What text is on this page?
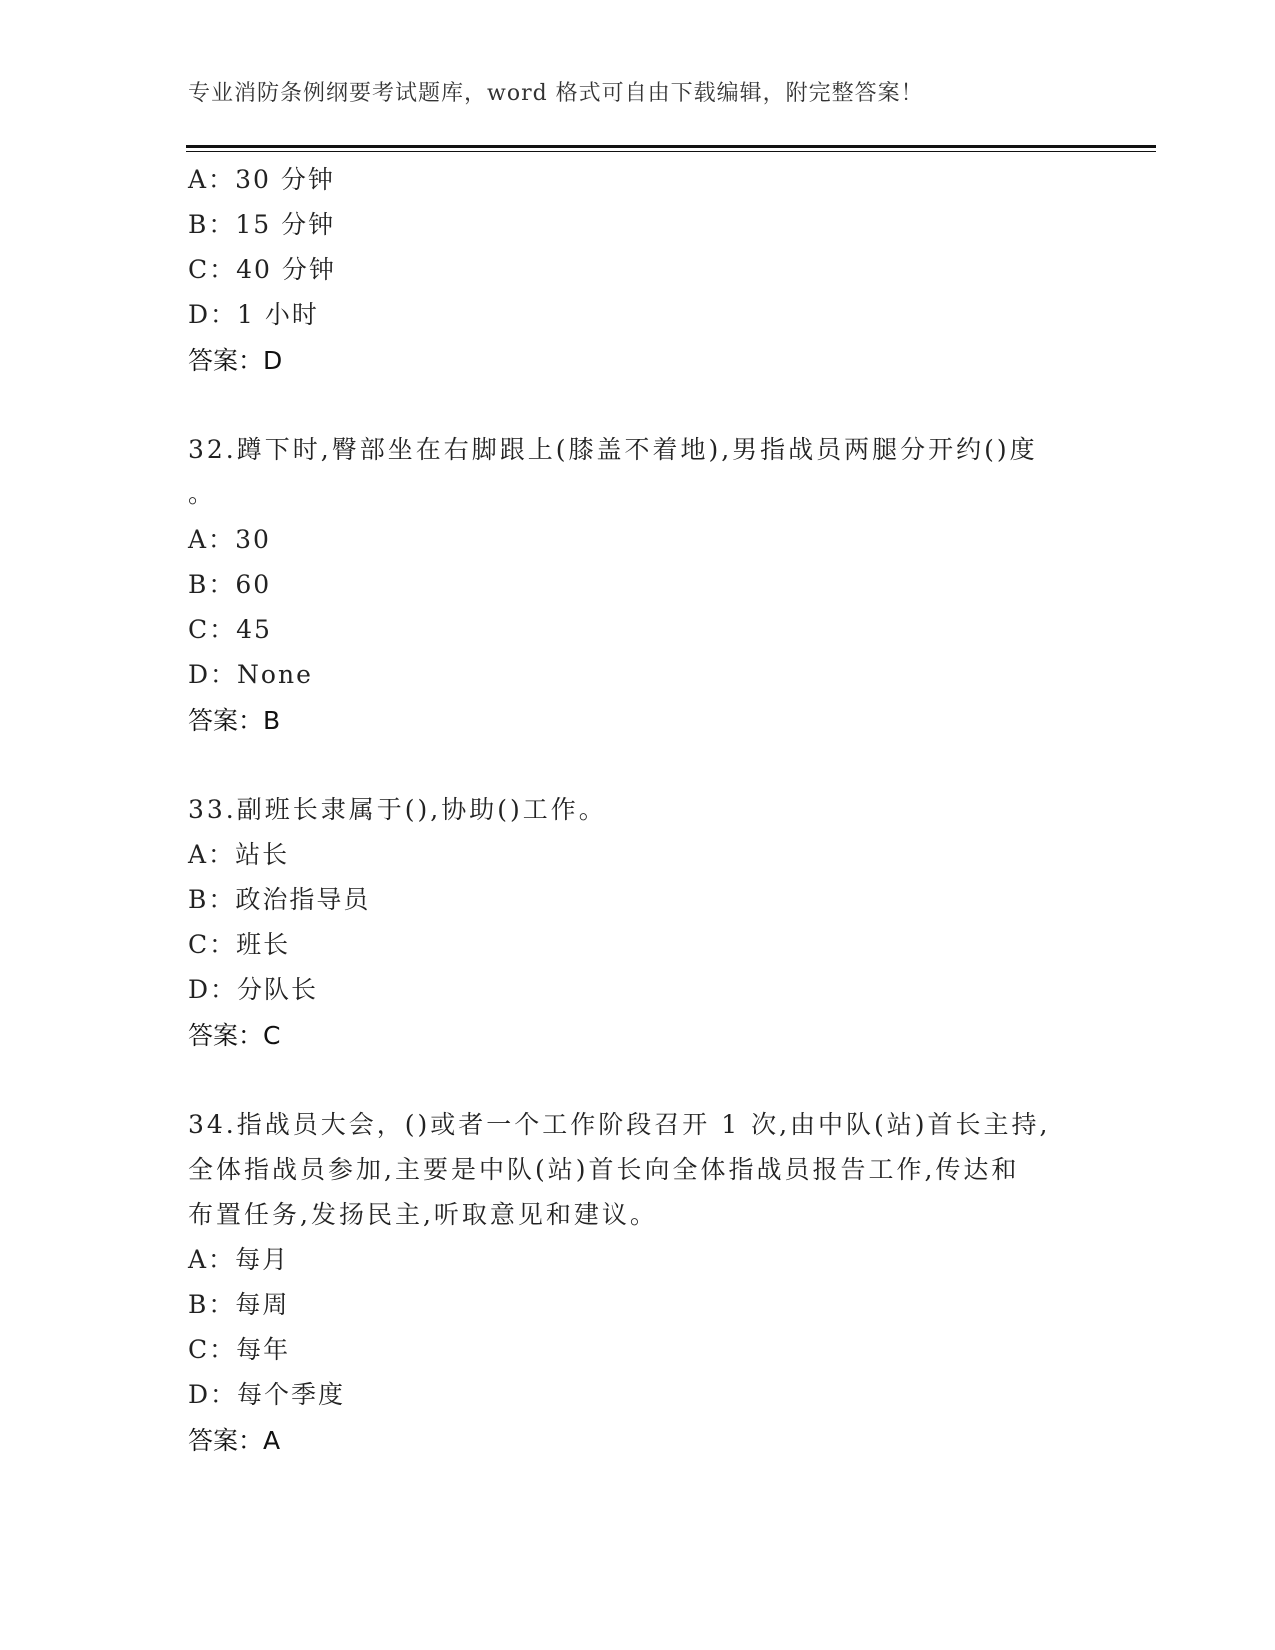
专业消防条例纲要考试题库，word 格式可自由下载编辑，附完整答案！
A：30 分钟
B：15 分钟
C：40 分钟
D：1 小时
答案：D
32.蹲下时,臀部坐在右脚跟上(膝盖不着地),男指战员两腿分开约()度
。
A：30
B：60
C：45
D：None
答案：B
33.副班长隶属于(),协助()工作。
A：站长
B：政治指导员
C：班长
D：分队长
答案：C
34.指战员大会，()或者一个工作阶段召开 1 次,由中队(站)首长主持,
全体指战员参加,主要是中队(站)首长向全体指战员报告工作,传达和
布置任务,发扬民主,听取意见和建议。
A：每月
B：每周
C：每年
D：每个季度
答案：A
